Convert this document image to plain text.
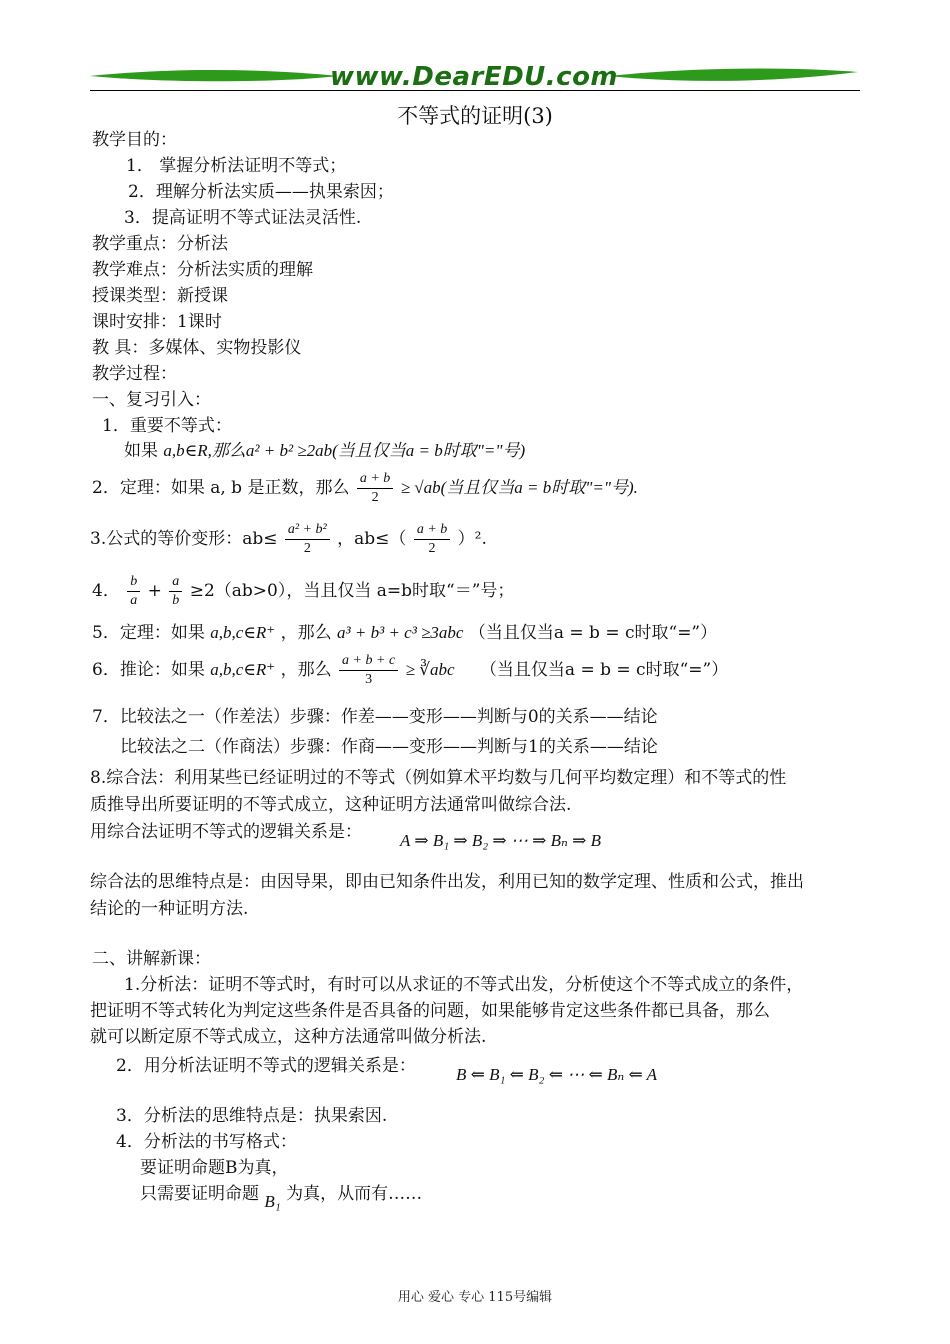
www.DearEDU.com
不等式的证明(3)
教学目的：
1． 掌握分析法证明不等式；
2．理解分析法实质——执果索因；
3．提高证明不等式证法灵活性.
教学重点：分析法
教学难点：分析法实质的理解
授课类型：新授课
课时安排：1课时
教 具：多媒体、实物投影仪
教学过程：
一、复习引入：
1．重要不等式：
如果 a,b∈R,那么a² + b² ≥2ab(当且仅当a = b时取"="号)
2．定理：如果 a, b 是正数，那么 $\frac{a + b}{2} \ge √ab$(当且仅当a = b时取"="号).
3.公式的等价变形：$ab\le \frac{\text{a² + b²}}{2}$ ，$ab\le( \frac{a + b}{2} )^2$.
4． $\frac{b}{a} + \frac{a}{b} \ge 2(ab>0)$，当且仅当 a=b时取“＝”号；
5．定理：如果 a,b,c∈R⁺ ，那么 a³ + b³ + c³ ≥3abc （当且仅当a = b = c时取“=”）
6．推论：如果 a,b,c∈R⁺ ，那么 $\frac{a + b + c}{3}$ ≥ ∛abc （当且仅当a = b = c时取“=”）
7．比较法之一（作差法）步骤：作差——变形——判断与0的关系——结论
比较法之二（作商法）步骤：作商——变形——判断与1的关系——结论
8.综合法：利用某些已经证明过的不等式（例如算术平均数与几何平均数定理）和不等式的性
质推导出所要证明的不等式成立，这种证明方法通常叫做综合法.
用综合法证明不等式的逻辑关系是： A ⇒ B₁ ⇒ B₂ ⇒ ⋯ ⇒ Bₙ ⇒ B
综合法的思维特点是：由因导果，即由已知条件出发，利用已知的数学定理、性质和公式，推出
结论的一种证明方法.
二、讲解新课：
1.分析法：证明不等式时，有时可以从求证的不等式出发，分析使这个不等式成立的条件，
把证明不等式转化为判定这些条件是否具备的问题，如果能够肯定这些条件都已具备，那么
就可以断定原不等式成立，这种方法通常叫做分析法.
2．用分析法证明不等式的逻辑关系是： B ⇐ B₁ ⇐ B₂ ⇐ ⋯ ⇐ Bₙ ⇐ A
3．分析法的思维特点是：执果索因.
4．分析法的书写格式：
要证明命题B为真，
只需要证明命题 B₁ 为真，从而有……
用心 爱心 专心 115号编辑
